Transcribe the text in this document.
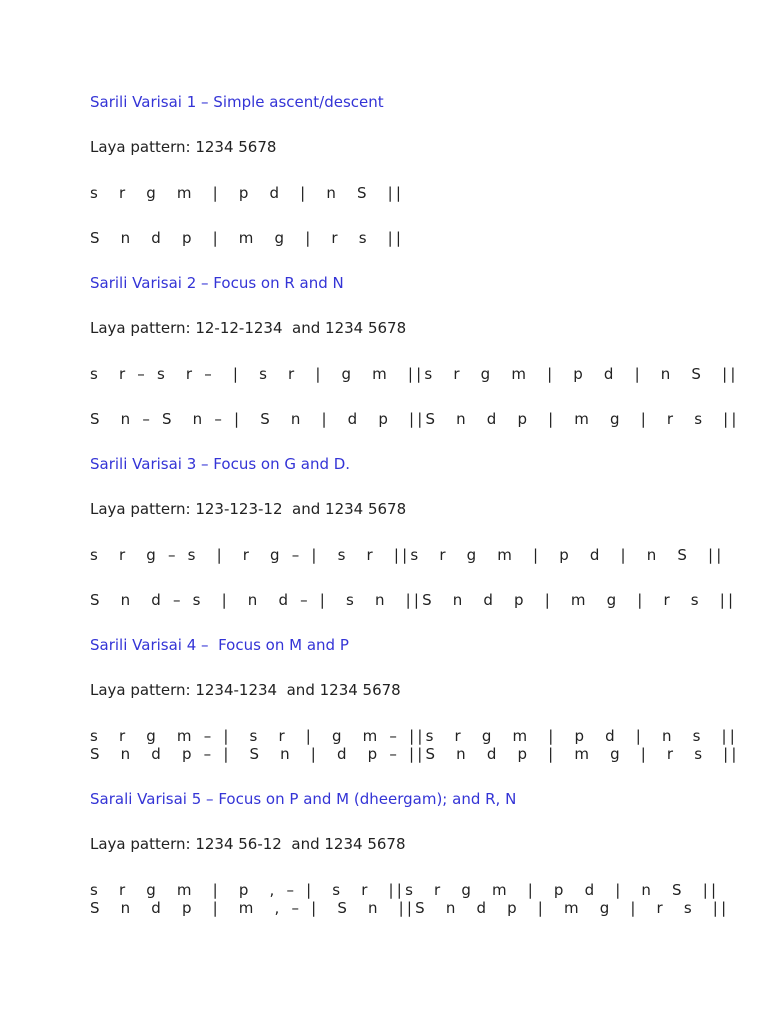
Sarili Varisai 1 – Simple ascent/descent
Laya pattern: 1234 5678
s  r  g  m  |  p  d  |  n  S  ||
S  n  d  p  |  m  g  |  r  s  ||
Sarili Varisai 2 – Focus on R and N
Laya pattern: 12-12-1234  and 1234 5678
s  r – s  r –  |  s  r  |  g  m  ||s  r  g  m  |  p  d  |  n  S  ||
S  n – S  n – |  S  n  |  d  p  ||S  n  d  p  |  m  g  |  r  s  ||
Sarili Varisai 3 – Focus on G and D.
Laya pattern: 123-123-12  and 1234 5678
s  r  g – s  |  r  g – |  s  r  ||s  r  g  m  |  p  d  |  n  S  ||
S  n  d – s  |  n  d – |  s  n  ||S  n  d  p  |  m  g  |  r  s  ||
Sarili Varisai 4 –  Focus on M and P
Laya pattern: 1234-1234  and 1234 5678
s  r  g  m – |  s  r  |  g  m – ||s  r  g  m  |  p  d  |  n  s  ||
S  n  d  p – |  S  n  |  d  p – ||S  n  d  p  |  m  g  |  r  s  ||
Sarali Varisai 5 – Focus on P and M (dheergam); and R, N
Laya pattern: 1234 56-12  and 1234 5678
s  r  g  m  |  p  , – |  s  r  ||s  r  g  m  |  p  d  |  n  S  ||
S  n  d  p  |  m  , – |  S  n  ||S  n  d  p  |  m  g  |  r  s  ||
